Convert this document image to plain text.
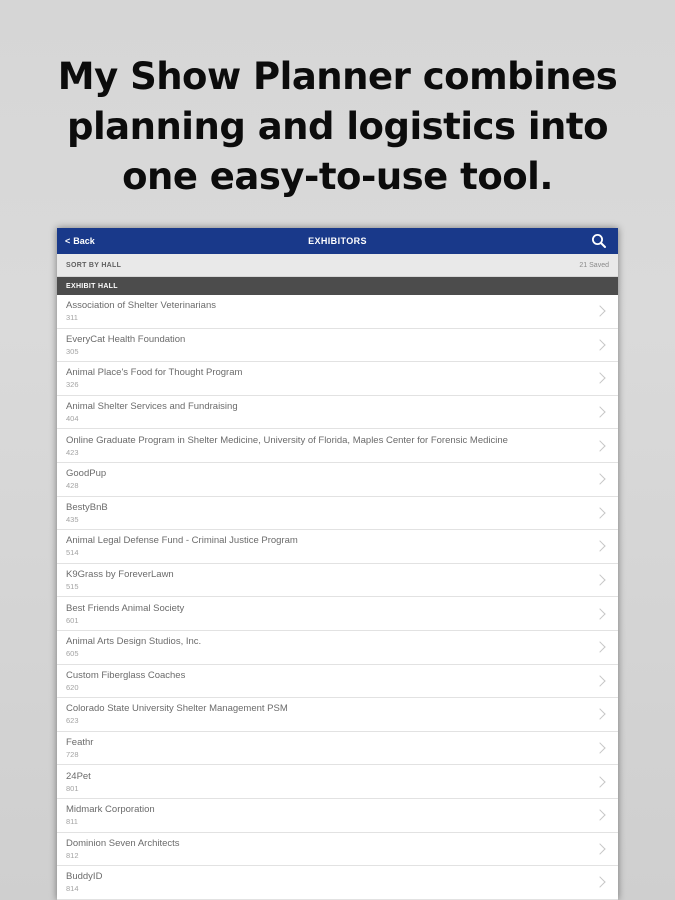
My Show Planner combines
planning and logistics into
one easy-to-use tool.
< Back	EXHIBITORS
SORT BY HALL	21 Saved
EXHIBIT HALL
Association of Shelter Veterinarians
311
EveryCat Health Foundation
305
Animal Place's Food for Thought Program
326
Animal Shelter Services and Fundraising
404
Online Graduate Program in Shelter Medicine, University of Florida, Maples Center for Forensic Medicine
423
GoodPup
428
BestyBnB
435
Animal Legal Defense Fund - Criminal Justice Program
514
K9Grass by ForeverLawn
515
Best Friends Animal Society
601
Animal Arts Design Studios, Inc.
605
Custom Fiberglass Coaches
620
Colorado State University Shelter Management PSM
623
Feathr
728
24Pet
801
Midmark Corporation
811
Dominion Seven Architects
812
BuddyID
814
